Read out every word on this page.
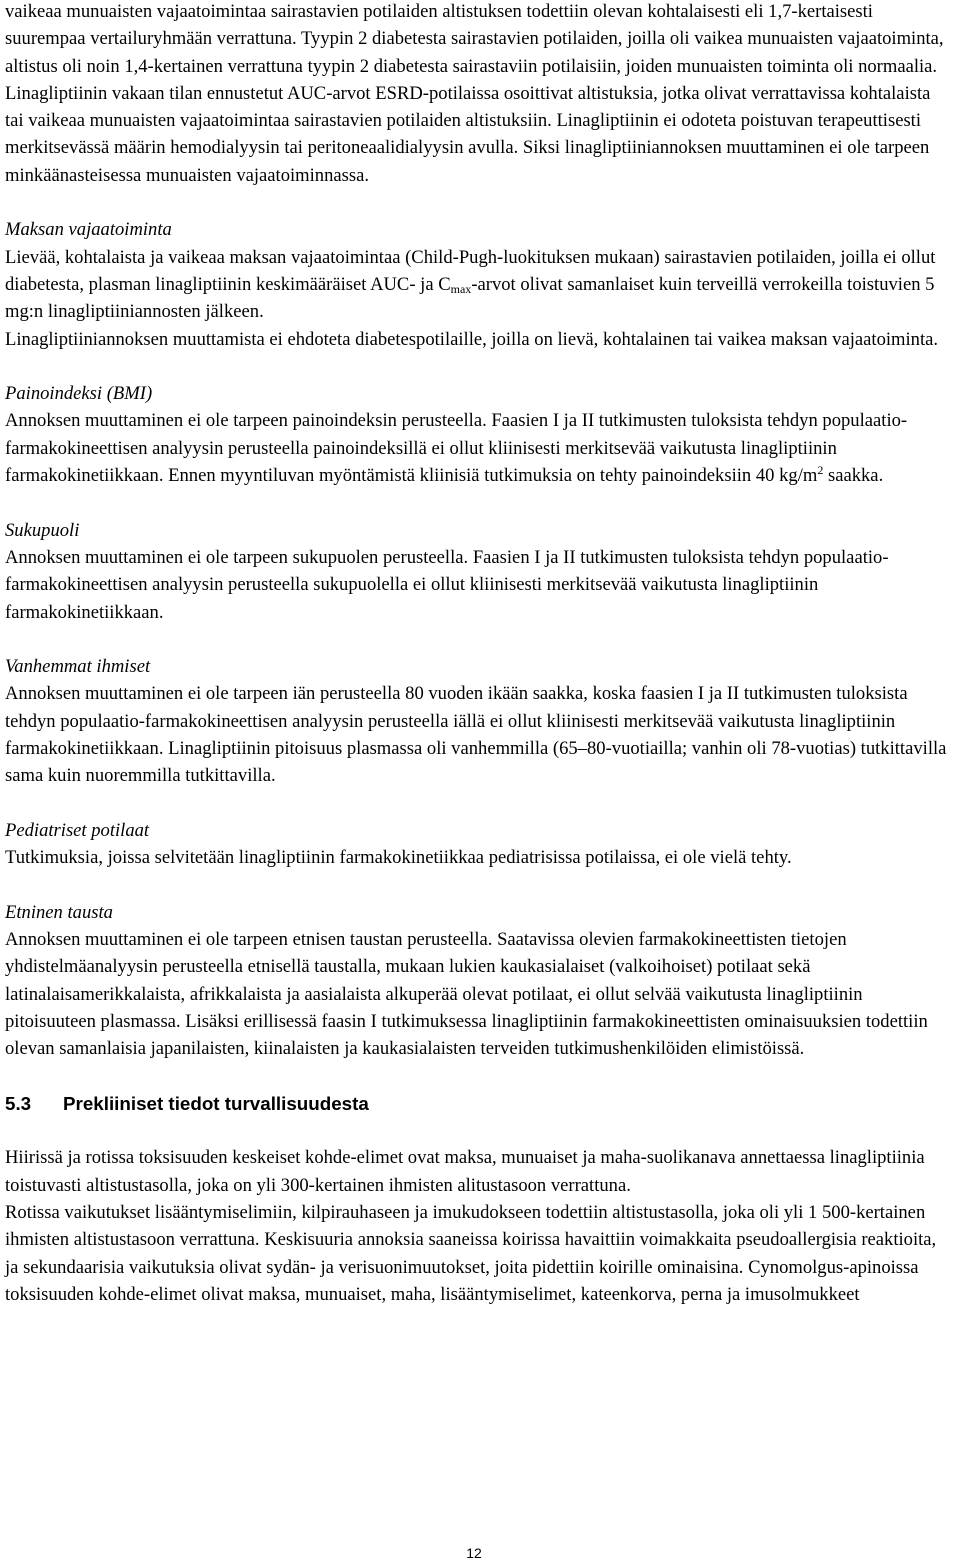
vaikeaa munuaisten vajaatoimintaa sairastavien potilaiden altistuksen todettiin olevan kohtalaisesti eli 1,7-kertaisesti suurempaa vertailuryhmään verrattuna. Tyypin 2 diabetesta sairastavien potilaiden, joilla oli vaikea munuaisten vajaatoiminta, altistus oli noin 1,4-kertainen verrattuna tyypin 2 diabetesta sairastaviin potilaisiin, joiden munuaisten toiminta oli normaalia. Linagliptiinin vakaan tilan ennustetut AUC-arvot ESRD-potilaissa osoittivat altistuksia, jotka olivat verrattavissa kohtalaista tai vaikeaa munuaisten vajaatoimintaa sairastavien potilaiden altistuksiin. Linagliptiinin ei odoteta poistuvan terapeuttisesti merkitsevässä määrin hemodialyysin tai peritoneaalidialyysin avulla. Siksi linagliptiiniannoksen muuttaminen ei ole tarpeen minkäänasteisessa munuaisten vajaatoiminnassa.

Maksan vajaatoiminta

Lievää, kohtalaista ja vaikeaa maksan vajaatoimintaa (Child-Pugh-luokituksen mukaan) sairastavien potilaiden, joilla ei ollut diabetesta, plasman linagliptiinin keskimääräiset AUC- ja $C_{max}$-arvot olivat samanlaiset kuin terveillä verrokeilla toistuvien 5 mg:n linagliptiiniannosten jälkeen.

Linagliptiiniannoksen muuttamista ei ehdoteta diabetespotilaille, joilla on lievä, kohtalainen tai vaikea maksan vajaatoiminta.

Painoindeksi (BMI)

Annoksen muuttaminen ei ole tarpeen painoindeksin perusteella. Faasien I ja II tutkimusten tuloksista tehdyn populaatio-farmakokineettisen analyysin perusteella painoindeksillä ei ollut kliinisesti merkitsevää vaikutusta linagliptiinin farmakokinetiikkaan. Ennen myyntiluvan myöntämistä kliinisiä tutkimuksia on tehty painoindeksiin 40 $kg/m^2$ saakka.

Sukupuoli

Annoksen muuttaminen ei ole tarpeen sukupuolen perusteella. Faasien I ja II tutkimusten tuloksista tehdyn populaatio-farmakokineettisen analyysin perusteella sukupuolella ei ollut kliinisesti merkitsevää vaikutusta linagliptiinin farmakokinetiikkaan.

Vanhemmat ihmiset

Annoksen muuttaminen ei ole tarpeen iän perusteella 80 vuoden ikään saakka, koska faasien I ja II tutkimusten tuloksista tehdyn populaatio-farmakokineettisen analyysin perusteella iällä ei ollut kliinisesti merkitsevää vaikutusta linagliptiinin farmakokinetiikkaan. Linagliptiinin pitoisuus plasmassa oli vanhemmilla (65–80-vuotiailla; vanhin oli 78-vuotias) tutkittavilla sama kuin nuoremmilla tutkittavilla.

Pediatriset potilaat

Tutkimuksia, joissa selvitetään linagliptiinin farmakokinetiikkaa pediatrisissa potilaissa, ei ole vielä tehty.

Etninen tausta

Annoksen muuttaminen ei ole tarpeen etnisen taustan perusteella. Saatavissa olevien farmakokineettisten tietojen yhdistelmäanalyysin perusteella etnisellä taustalla, mukaan lukien kaukasialaiset (valkoihoiset) potilaat sekä latinalaisamerikkalaista, afrikkalaista ja aasialaista alkuperää olevat potilaat, ei ollut selvää vaikutusta linagliptiinin pitoisuuteen plasmassa. Lisäksi erillisessä faasin I tutkimuksessa linagliptiinin farmakokineettisten ominaisuuksien todettiin olevan samanlaisia japanilaisten, kiinalaisten ja kaukasialaisten terveiden tutkimushenkilöiden elimistöissä.

5.3 Prekliiniset tiedot turvallisuudesta

Hiirissä ja rotissa toksisuuden keskeiset kohde-elimet ovat maksa, munuaiset ja maha-suolikanava annettaessa linagliptiinia toistuvasti altistustasolla, joka on yli 300-kertainen ihmisten alitustasoon verrattuna.

Rotissa vaikutukset lisääntymiselimiin, kilpirauhaseen ja imukudokseen todettiin altistustasolla, joka oli yli 1 500-kertainen ihmisten altistustasoon verrattuna. Keskisuuria annoksia saaneissa koirissa havaittiin voimakkaita pseudoallergisia reaktioita, ja sekundaarisia vaikutuksia olivat sydän- ja verisuonimuutokset, joita pidettiin koirille ominaisina. Cynomolgus-apinoissa toksisuuden kohde-elimet olivat maksa, munuaiset, maha, lisääntymiselimet, kateenkorva, perna ja imusolmukkeet

12
